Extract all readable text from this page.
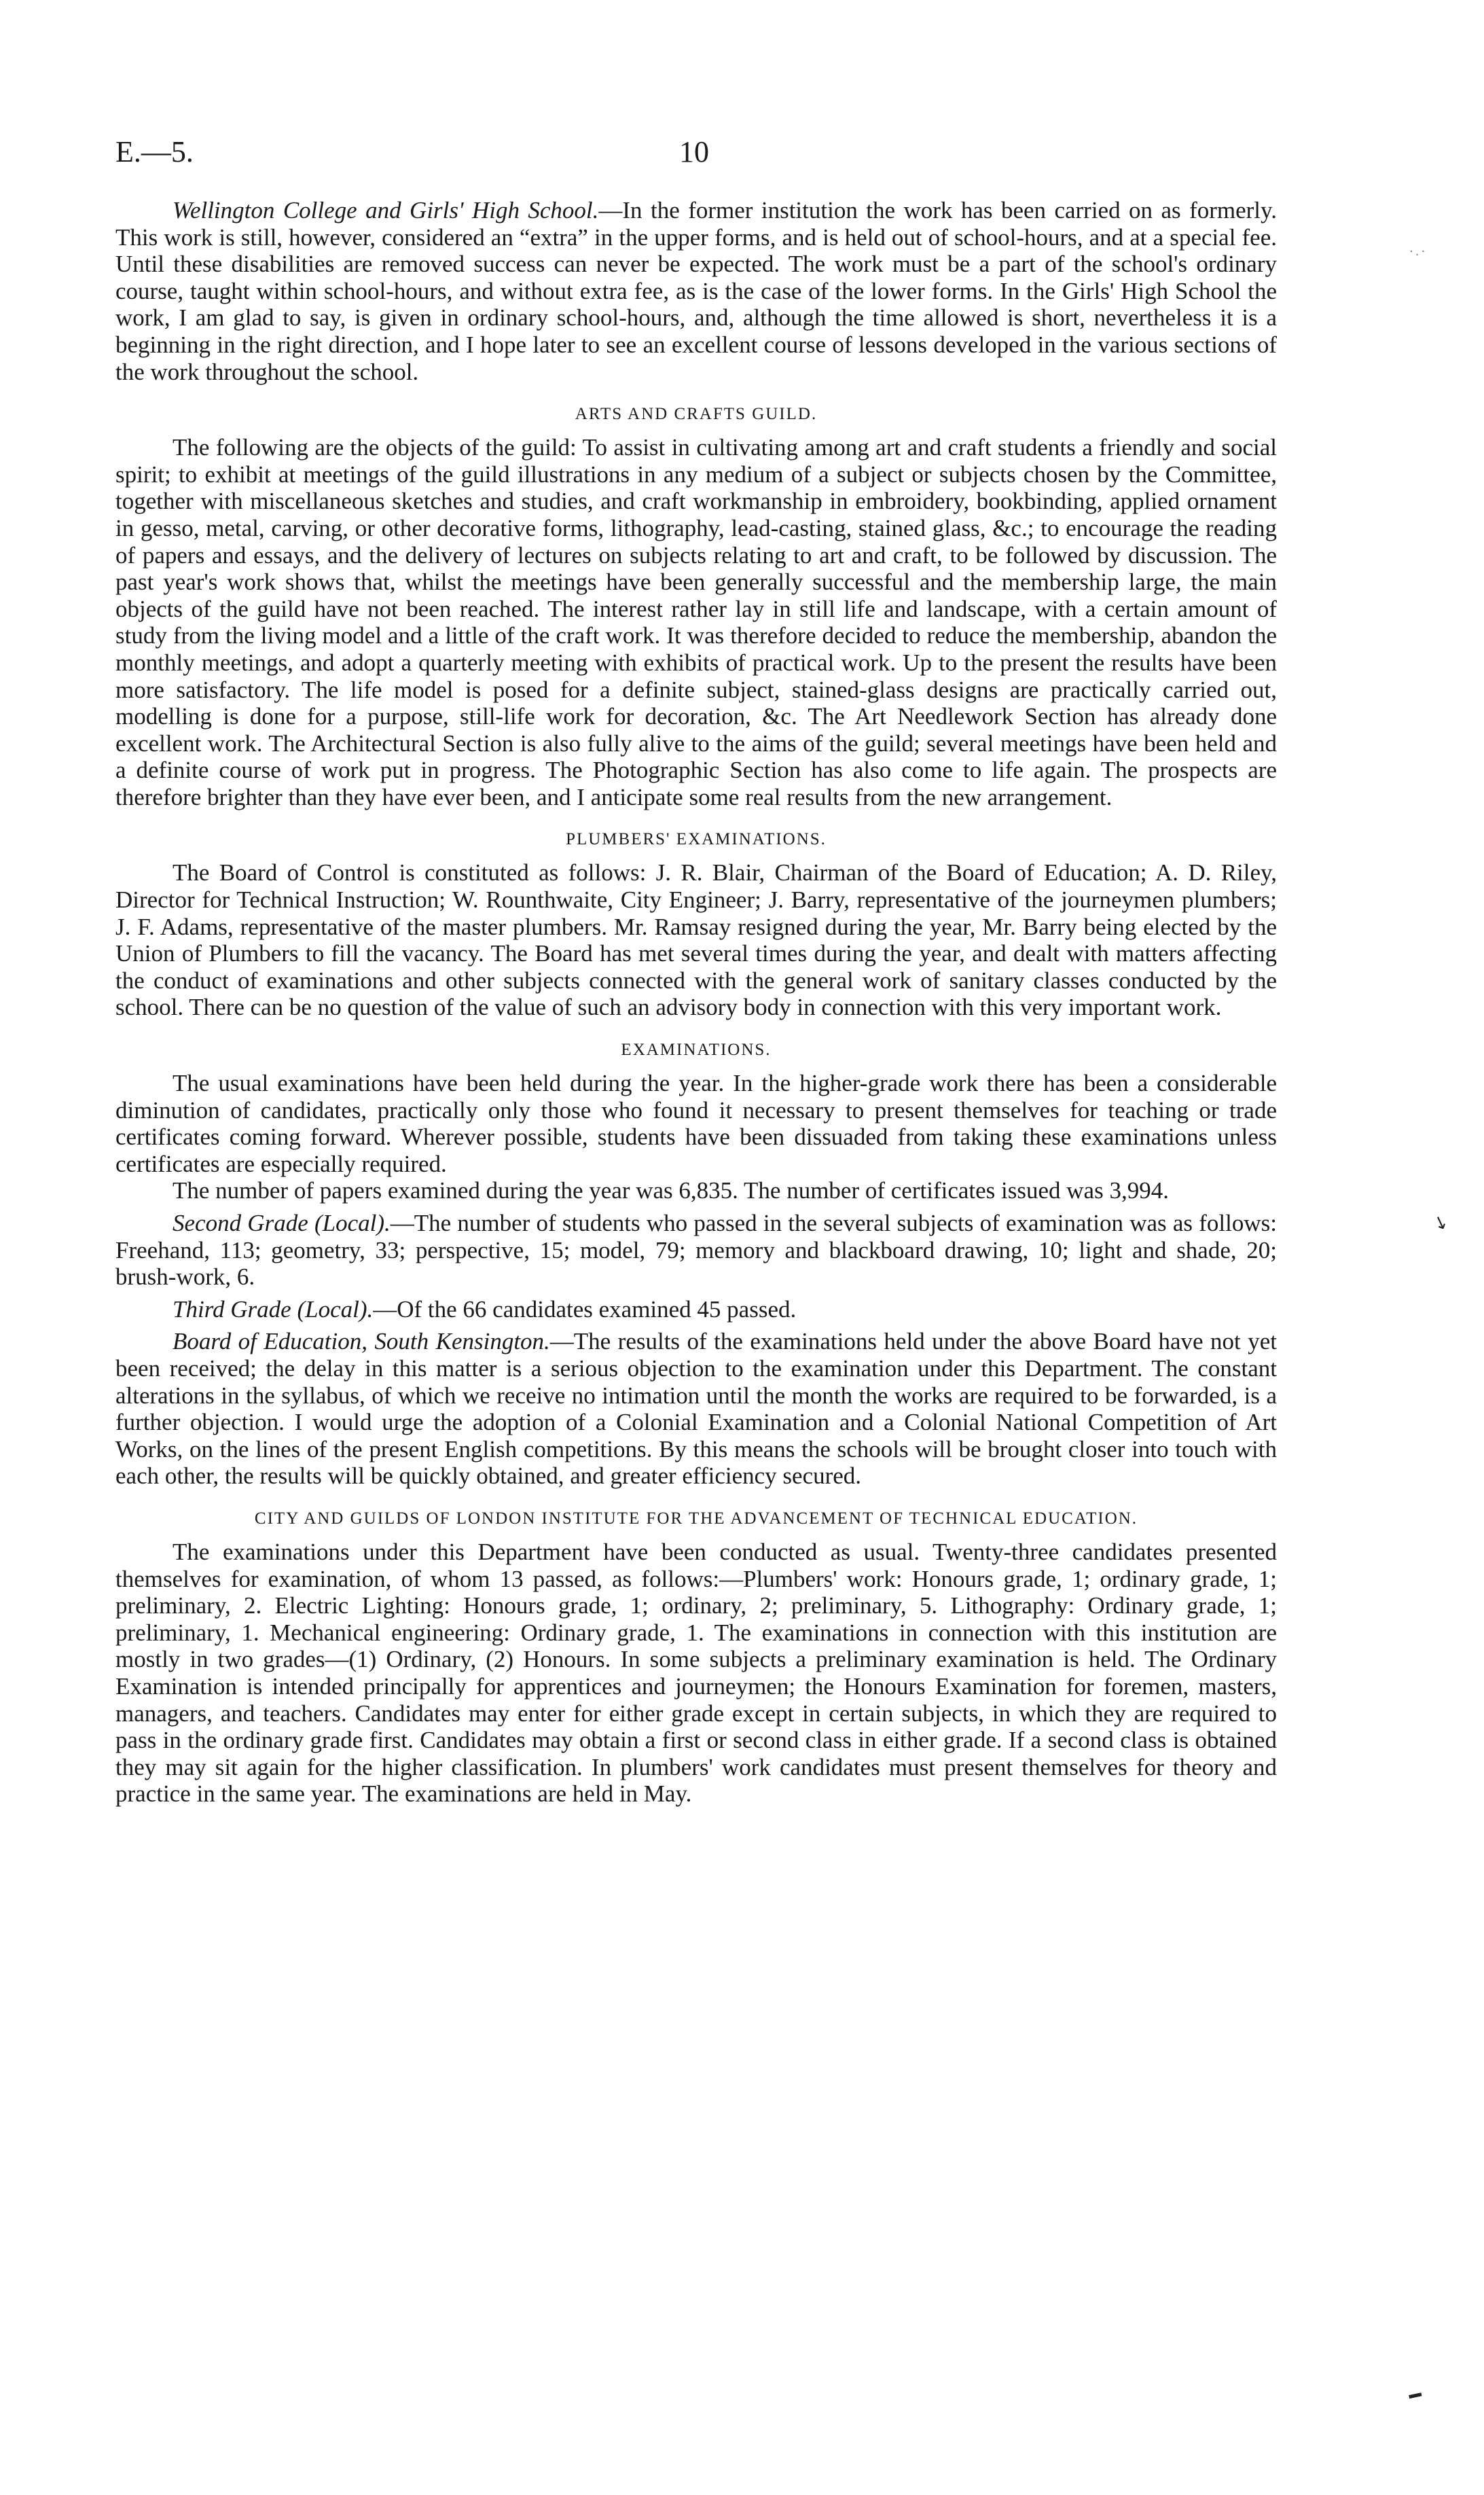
E.—5.	10

Wellington College and Girls' High School.—In the former institution the work has been carried on as formerly. This work is still, however, considered an “extra” in the upper forms, and is held out of school-hours, and at a special fee. Until these disabilities are removed success can never be expected. The work must be a part of the school's ordinary course, taught within school-hours, and without extra fee, as is the case of the lower forms. In the Girls' High School the work, I am glad to say, is given in ordinary school-hours, and, although the time allowed is short, nevertheless it is a beginning in the right direction, and I hope later to see an excellent course of lessons developed in the various sections of the work throughout the school.

ARTS AND CRAFTS GUILD.

The following are the objects of the guild: To assist in cultivating among art and craft students a friendly and social spirit; to exhibit at meetings of the guild illustrations in any medium of a subject or subjects chosen by the Committee, together with miscellaneous sketches and studies, and craft workmanship in embroidery, bookbinding, applied ornament in gesso, metal, carving, or other decorative forms, lithography, lead-casting, stained glass, &c.; to encourage the reading of papers and essays, and the delivery of lectures on subjects relating to art and craft, to be followed by discussion. The past year's work shows that, whilst the meetings have been generally successful and the membership large, the main objects of the guild have not been reached. The interest rather lay in still life and landscape, with a certain amount of study from the living model and a little of the craft work. It was therefore decided to reduce the membership, abandon the monthly meetings, and adopt a quarterly meeting with exhibits of practical work. Up to the present the results have been more satisfactory. The life model is posed for a definite subject, stained-glass designs are practically carried out, modelling is done for a purpose, still-life work for decoration, &c. The Art Needlework Section has already done excellent work. The Architectural Section is also fully alive to the aims of the guild; several meetings have been held and a definite course of work put in progress. The Photographic Section has also come to life again. The prospects are therefore brighter than they have ever been, and I anticipate some real results from the new arrangement.

PLUMBERS' EXAMINATIONS.

The Board of Control is constituted as follows: J. R. Blair, Chairman of the Board of Education; A. D. Riley, Director for Technical Instruction; W. Rounthwaite, City Engineer; J. Barry, representative of the journeymen plumbers; J. F. Adams, representative of the master plumbers. Mr. Ramsay resigned during the year, Mr. Barry being elected by the Union of Plumbers to fill the vacancy. The Board has met several times during the year, and dealt with matters affecting the conduct of examinations and other subjects connected with the general work of sanitary classes conducted by the school. There can be no question of the value of such an advisory body in connection with this very important work.

EXAMINATIONS.

The usual examinations have been held during the year. In the higher-grade work there has been a considerable diminution of candidates, practically only those who found it necessary to present themselves for teaching or trade certificates coming forward. Wherever possible, students have been dissuaded from taking these examinations unless certificates are especially required.

The number of papers examined during the year was 6,835. The number of certificates issued was 3,994.

Second Grade (Local).—The number of students who passed in the several subjects of examination was as follows: Freehand, 113; geometry, 33; perspective, 15; model, 79; memory and blackboard drawing, 10; light and shade, 20; brush-work, 6.

Third Grade (Local).—Of the 66 candidates examined 45 passed.

Board of Education, South Kensington.—The results of the examinations held under the above Board have not yet been received; the delay in this matter is a serious objection to the examination under this Department. The constant alterations in the syllabus, of which we receive no intimation until the month the works are required to be forwarded, is a further objection. I would urge the adoption of a Colonial Examination and a Colonial National Competition of Art Works, on the lines of the present English competitions. By this means the schools will be brought closer into touch with each other, the results will be quickly obtained, and greater efficiency secured.

CITY AND GUILDS OF LONDON INSTITUTE FOR THE ADVANCEMENT OF TECHNICAL EDUCATION.

The examinations under this Department have been conducted as usual. Twenty-three candidates presented themselves for examination, of whom 13 passed, as follows:—Plumbers' work: Honours grade, 1; ordinary grade, 1; preliminary, 2. Electric Lighting: Honours grade, 1; ordinary, 2; preliminary, 5. Lithography: Ordinary grade, 1; preliminary, 1. Mechanical engineering: Ordinary grade, 1. The examinations in connection with this institution are mostly in two grades—(1) Ordinary, (2) Honours. In some subjects a preliminary examination is held. The Ordinary Examination is intended principally for apprentices and journeymen; the Honours Examination for foremen, masters, managers, and teachers. Candidates may enter for either grade except in certain subjects, in which they are required to pass in the ordinary grade first. Candidates may obtain a first or second class in either grade. If a second class is obtained they may sit again for the higher classification. In plumbers' work candidates must present themselves for theory and practice in the same year. The examinations are held in May.

·.·
↘
━
